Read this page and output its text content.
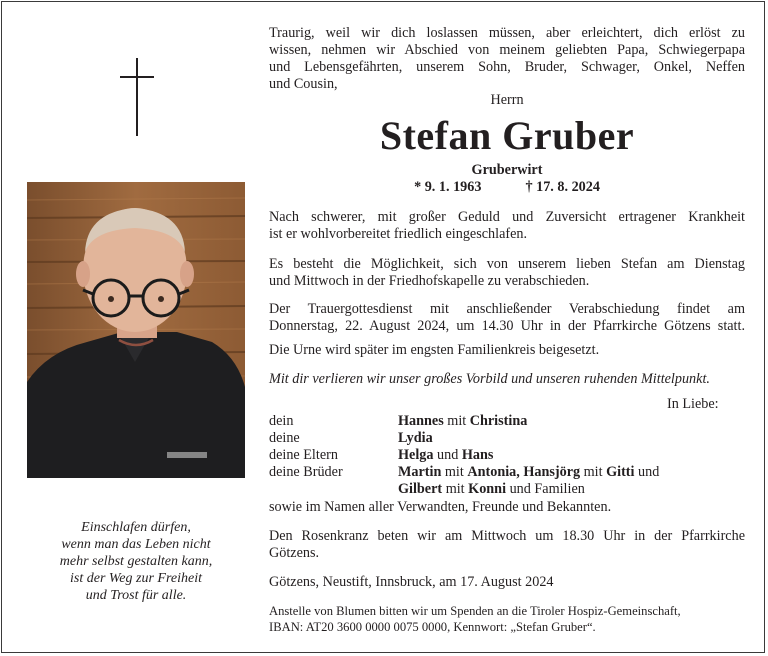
Einschlafen dürfen,
wenn man das Leben nicht
mehr selbst gestalten kann,
ist der Weg zur Freiheit
und Trost für alle.
Traurig, weil wir dich loslassen müssen, aber erleichtert, dich erlöst zu
wissen, nehmen wir Abschied von meinem geliebten Papa, Schwiegerpapa
und Lebensgefährten, unserem Sohn, Bruder, Schwager, Onkel, Neffen
und Cousin,
Herrn
Stefan Gruber
Gruberwirt
* 9. 1. 1963	† 17. 8. 2024
Nach schwerer, mit großer Geduld und Zuversicht ertragener Krankheit
ist er wohlvorbereitet friedlich eingeschlafen.
Es besteht die Möglichkeit, sich von unserem lieben Stefan am Dienstag
und Mittwoch in der Friedhofskapelle zu verabschieden.
Der Trauergottesdienst mit anschließender Verabschiedung findet am
Donnerstag, 22. August 2024, um 14.30 Uhr in der Pfarrkirche Götzens statt.
Die Urne wird später im engsten Familienkreis beigesetzt.
Mit dir verlieren wir unser großes Vorbild und unseren ruhenden Mittelpunkt.
In Liebe:
dein	Hannes mit Christina
deine	Lydia
deine Eltern	Helga und Hans
deine Brüder	Martin mit Antonia, Hansjörg mit Gitti und
Gilbert mit Konni und Familien
sowie im Namen aller Verwandten, Freunde und Bekannten.
Den Rosenkranz beten wir am Mittwoch um 18.30 Uhr in der Pfarrkirche
Götzens.
Götzens, Neustift, Innsbruck, am 17. August 2024
Anstelle von Blumen bitten wir um Spenden an die Tiroler Hospiz-Gemeinschaft,
IBAN: AT20 3600 0000 0075 0000, Kennwort: „Stefan Gruber“.
